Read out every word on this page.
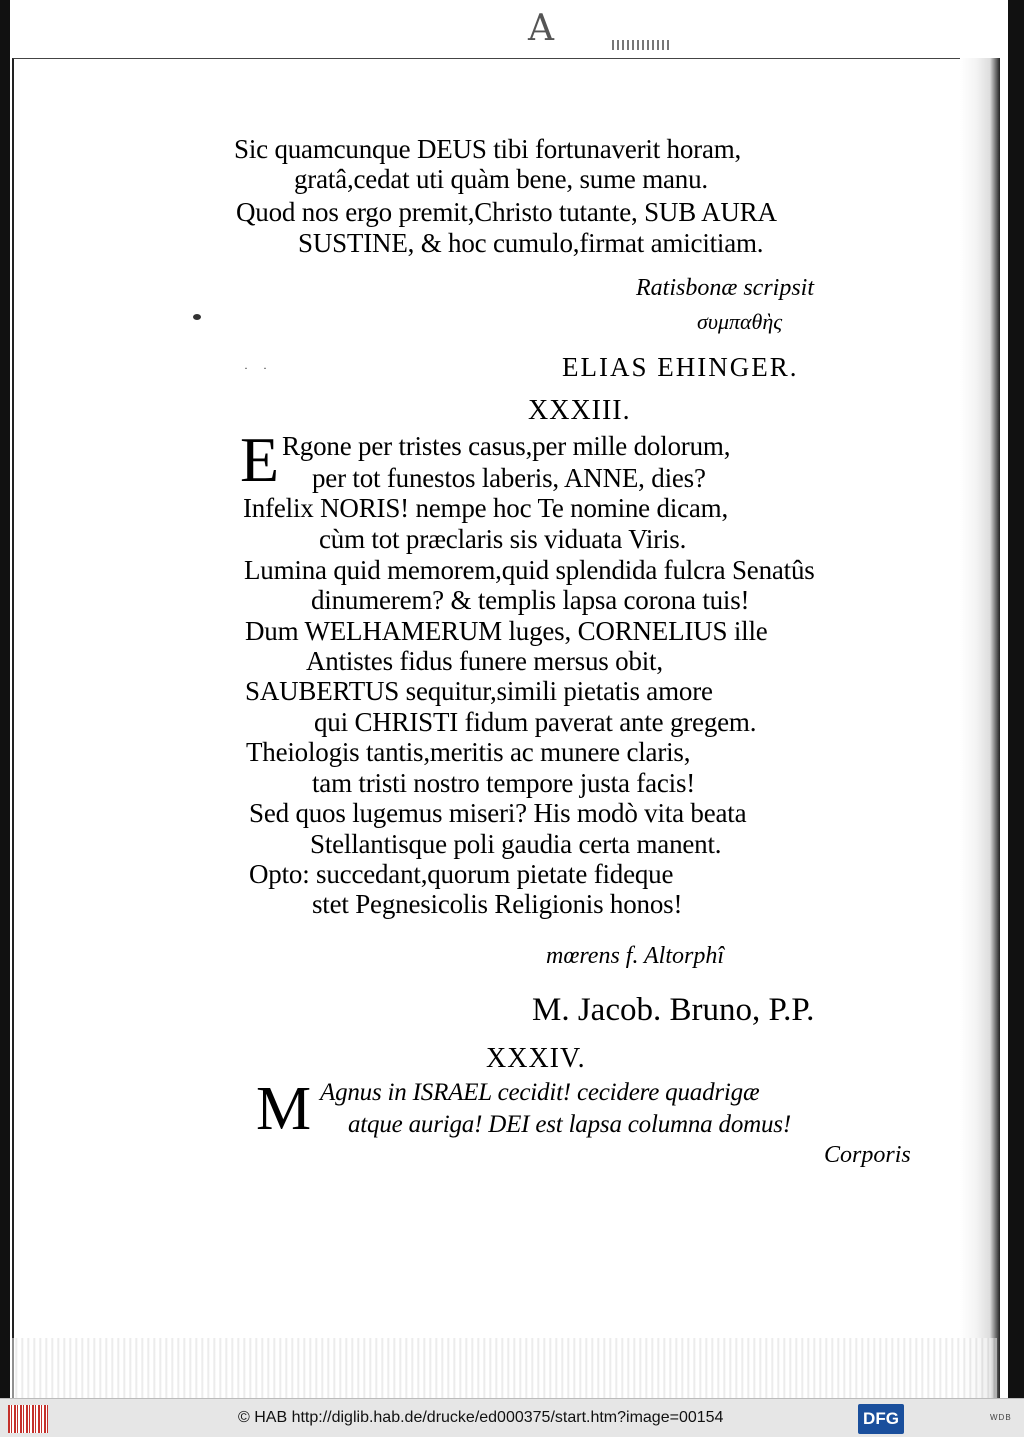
A
Sic quamcunque DEUS tibi fortunaverit horam,
gratâ,cedat uti quàm bene, sume manu.
Quod nos ergo premit,Christo tutante, SUB AURA
SUSTINE, & hoc cumulo,firmat amicitiam.
Ratisbonæ scripsit
συμπαθὴς
· ·	ELIAS EHINGER.
XXXIII.
E Rgone per tristes casus,per mille dolorum,
per tot funestos laberis, ANNE, dies?
Infelix NORIS! nempe hoc Te nomine dicam,
cùm tot præclaris sis viduata Viris.
Lumina quid memorem,quid splendida fulcra Senatûs
dinumerem? & templis lapsa corona tuis!
Dum WELHAMERUM luges, CORNELIUS ille
Antistes fidus funere mersus obit,
SAUBERTUS sequitur,simili pietatis amore
qui CHRISTI fidum paverat ante gregem.
Theiologis tantis,meritis ac munere claris,
tam tristi nostro tempore justa facis!
Sed quos lugemus miseri? His modò vita beata
Stellantisque poli gaudia certa manent.
Opto: succedant,quorum pietate fideque
stet Pegnesicolis Religionis honos!
mœrens f. Altorphî
M. Jacob. Bruno, P.P.
XXXIV.
M Agnus in ISRAEL cecidit! cecidere quadrigæ
atque auriga! DEI est lapsa columna domus!
Corporis
© HAB http://diglib.hab.de/drucke/ed000375/start.htm?image=00154	DFG	WDB
